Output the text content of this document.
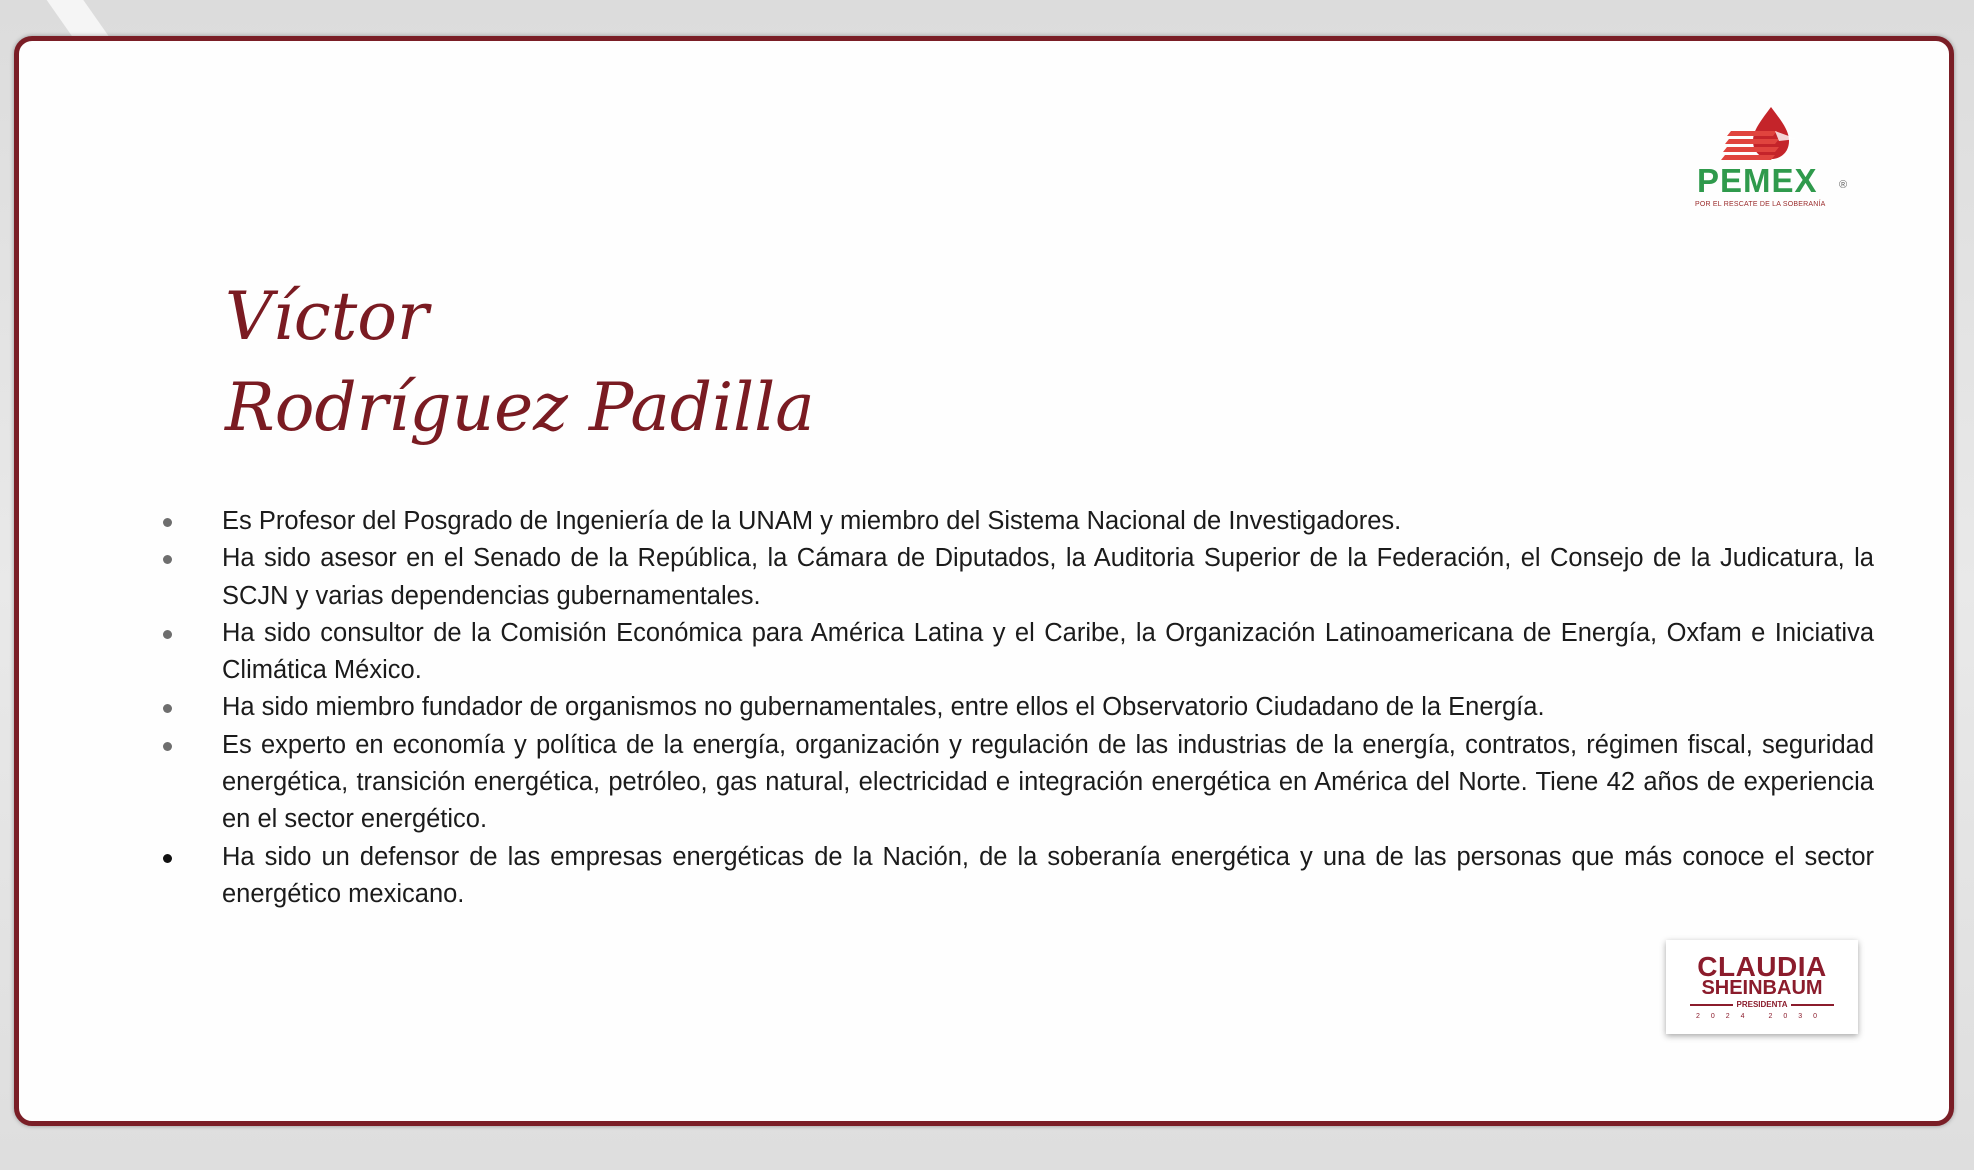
PEMEX ®
POR EL RESCATE DE LA SOBERANÍA
Víctor
Rodríguez Padilla
Es Profesor del Posgrado de Ingeniería de la UNAM y miembro del Sistema Nacional de Investigadores.
Ha sido asesor en el Senado de la República, la Cámara de Diputados, la Auditoria Superior de la Federación, el Consejo de la Judicatura, la SCJN y varias dependencias gubernamentales.
Ha sido consultor de la Comisión Económica para América Latina y el Caribe, la Organización Latinoamericana de Energía, Oxfam e Iniciativa Climática México.
Ha sido miembro fundador de organismos no gubernamentales, entre ellos el Observatorio Ciudadano de la Energía.
Es experto en economía y política de la energía, organización y regulación de las industrias de la energía, contratos, régimen fiscal, seguridad energética, transición energética, petróleo, gas natural, electricidad e integración energética en América del Norte. Tiene 42 años de experiencia en el sector energético.
Ha sido un defensor de las empresas energéticas de la Nación, de la soberanía energética y una de las personas que más conoce el sector energético mexicano.
CLAUDIA
SHEINBAUM
PRESIDENTA
2024 2030
